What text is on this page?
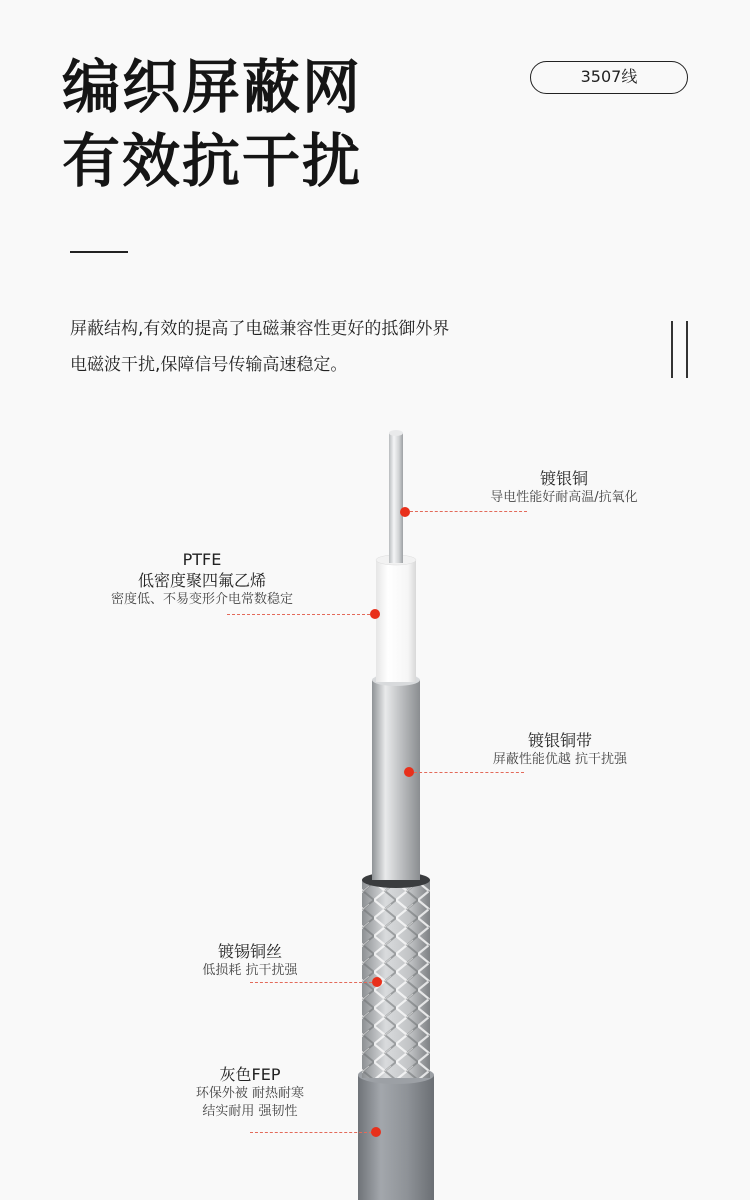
编织屏蔽网
有效抗干扰
3507线
屏蔽结构,有效的提高了电磁兼容性更好的抵御外界
电磁波干扰,保障信号传输高速稳定。
镀银铜
导电性能好耐高温/抗氧化
PTFE
低密度聚四氟乙烯
密度低、不易变形介电常数稳定
镀银铜带
屏蔽性能优越 抗干扰强
镀锡铜丝
低损耗 抗干扰强
灰色FEP
环保外被 耐热耐寒
结实耐用 强韧性
